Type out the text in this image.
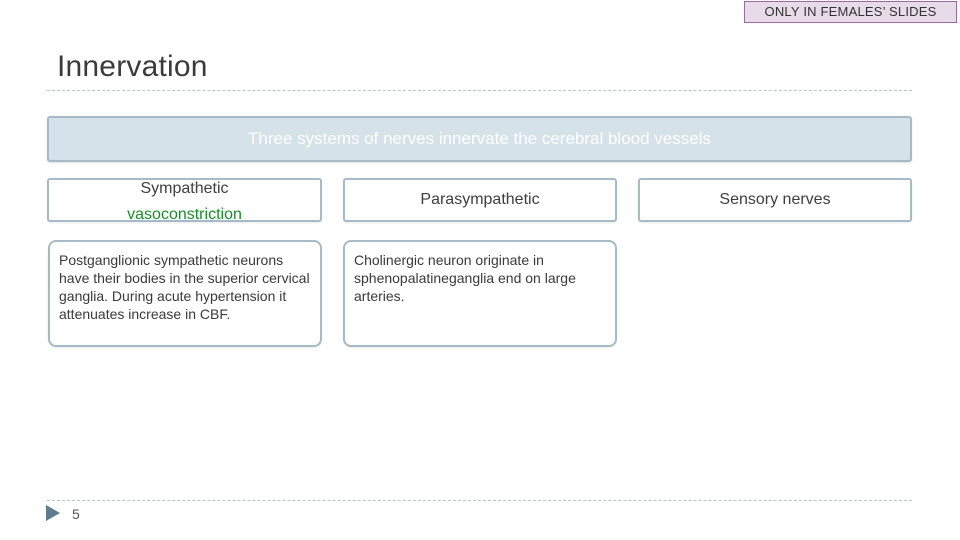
ONLY IN FEMALES’ SLIDES
Innervation
Three systems of nerves innervate the cerebral blood vessels
Sympathetic
vasoconstriction
Parasympathetic	Sensory nerves
Postganglionic sympathetic neurons have their bodies in the superior cervical ganglia. During acute hypertension it attenuates increase in CBF.
Cholinergic neuron originate in sphenopalatineganglia end on large arteries.
5
